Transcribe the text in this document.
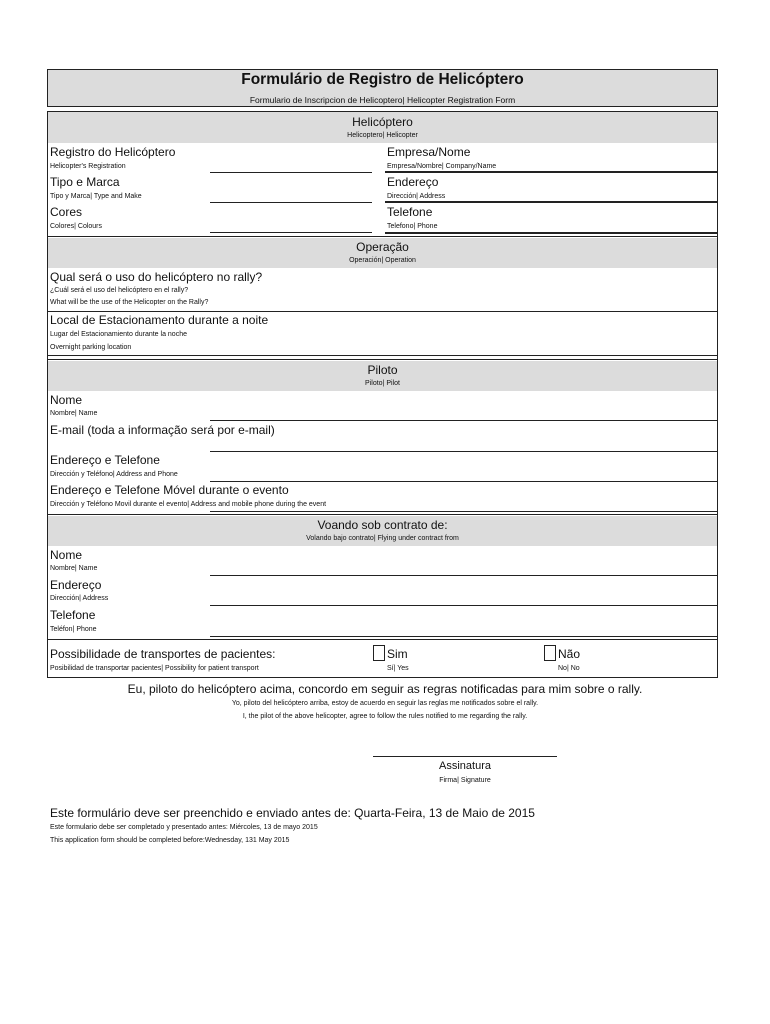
Formulário de Registro de Helicóptero
Formulario de Inscripcion de Helicoptero| Helicopter Registration Form
Helicóptero
Helicoptero| Helicopter
Registro do Helicóptero
Helicopter's Registration
Tipo e Marca
Tipo y Marca| Type and Make
Cores
Colores| Colours
Empresa/Nome
Empresa/Nombre| Company/Name
Endereço
Dirección| Address
Telefone
Telefono| Phone
Operação
Operación| Operation
Qual será o uso do helicóptero no rally?
¿Cuál será el uso del helicóptero en el rally?
What will be the use of the Helicopter on the Rally?
Local de Estacionamento durante a noite
Lugar del Estacionamiento durante la noche
Overnight parking location
Piloto
Piloto| Pilot
Nome
Nombre| Name
E-mail (toda a informação será por e-mail)
Endereço e Telefone
Dirección y Teléfono| Address and Phone
Endereço e Telefone Móvel durante o evento
Dirección y Teléfono Movil durante el evento| Address and mobile phone during the event
Voando sob contrato de:
Volando bajo contrato| Flying under contract from
Nome
Nombre| Name
Endereço
Dirección| Address
Telefone
Teléfon| Phone
Possibilidade de transportes de pacientes:
Posibilidad de transportar pacientes| Possibility for patient transport
Sim
Sí| Yes
Não
No| No
Eu, piloto do helicóptero acima, concordo em seguir as regras notificadas para mim sobre o rally.
Yo, piloto del helicóptero arriba, estoy de acuerdo en seguir las reglas me notificados sobre el rally.
I, the pilot of the above helicopter, agree to follow the rules notified to me regarding the rally.
Assinatura
Firma| Signature
Este formulário deve ser preenchido e enviado antes de: Quarta-Feira, 13 de Maio de 2015
Este formulario debe ser completado y presentado antes: Miércoles, 13 de mayo 2015
This application form should be completed before:Wednesday, 131 May 2015
